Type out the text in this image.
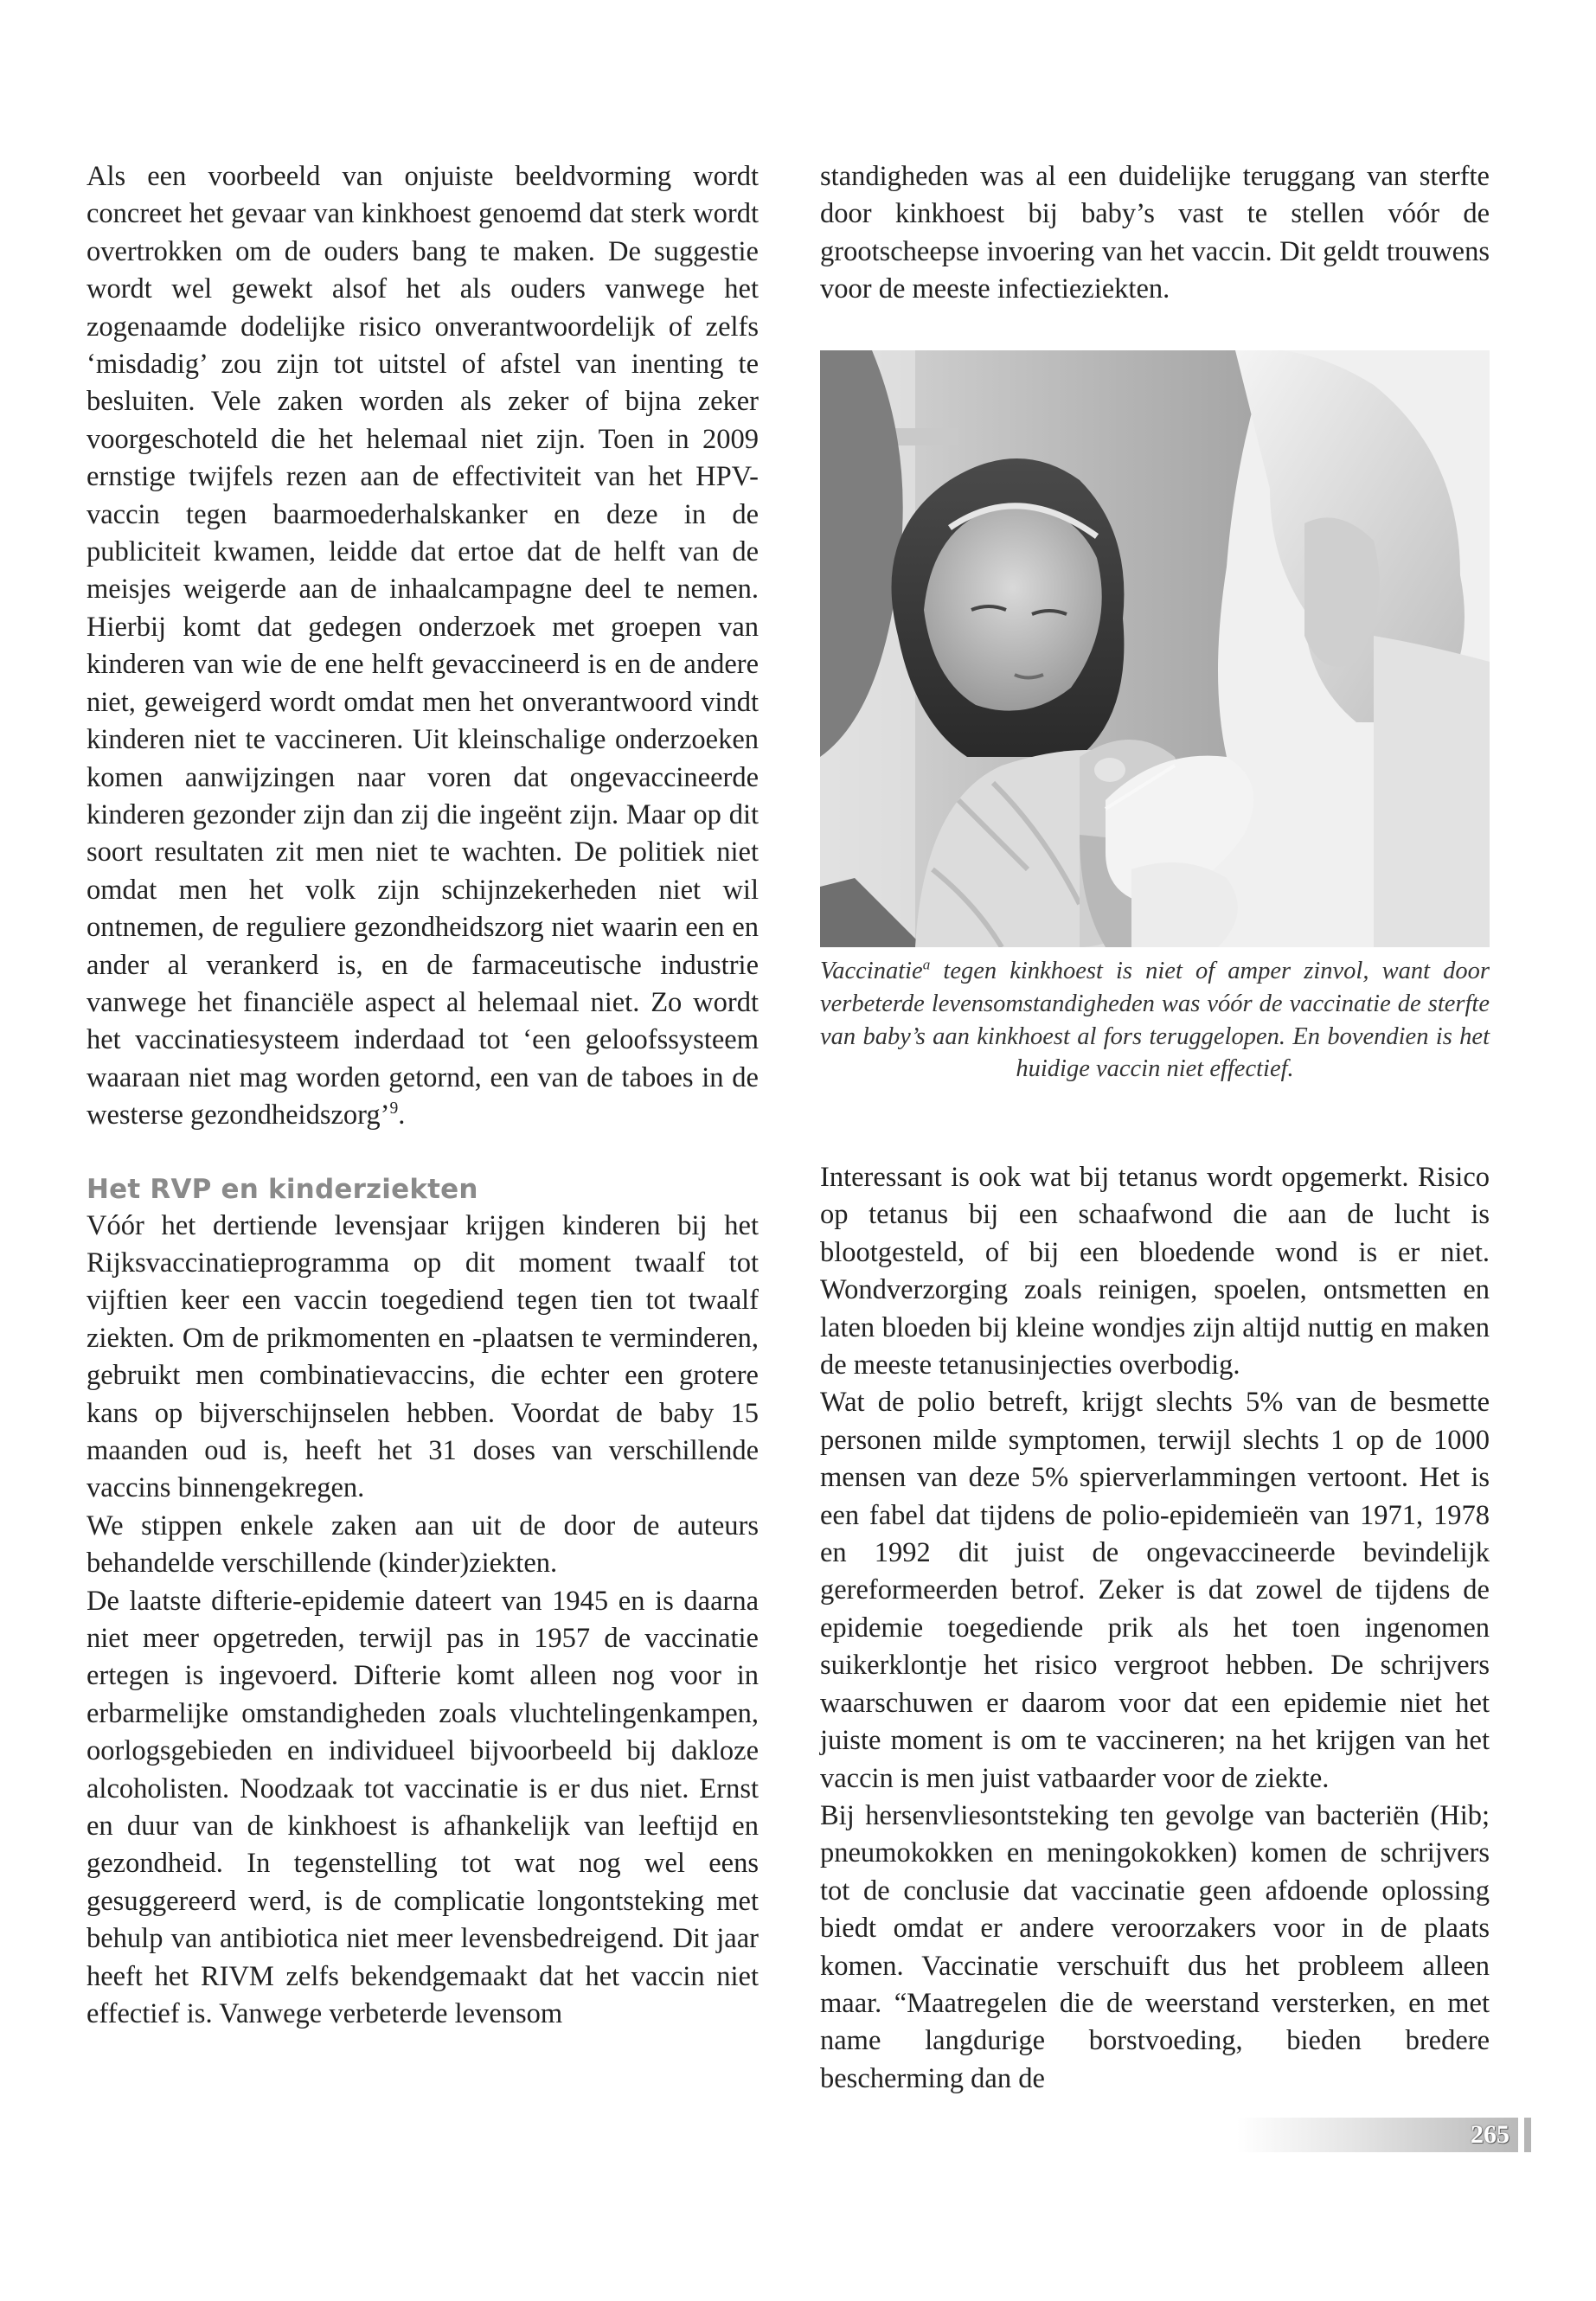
Als een voorbeeld van onjuiste beeldvorming wordt concreet het gevaar van kinkhoest genoemd dat sterk wordt overtrokken om de ouders bang te maken. De suggestie wordt wel gewekt alsof het als ouders vanwege het zogenaamde dodelijke risico onverantwoordelijk of zelfs ‘misdadig’ zou zijn tot uitstel of afstel van inenting te besluiten. Vele zaken worden als zeker of bijna zeker voorgeschoteld die het helemaal niet zijn. Toen in 2009 ernstige twijfels rezen aan de effectiviteit van het HPV-vaccin tegen baarmoederhalskanker en deze in de publiciteit kwamen, leidde dat ertoe dat de helft van de meisjes weigerde aan de inhaalcampagne deel te nemen. Hierbij komt dat gedegen onderzoek met groepen van kinderen van wie de ene helft gevaccineerd is en de andere niet, geweigerd wordt omdat men het onverantwoord vindt kinderen niet te vaccineren. Uit kleinschalige onderzoeken komen aanwijzingen naar voren dat ongevaccineerde kinderen gezonder zijn dan zij die ingeënt zijn. Maar op dit soort resultaten zit men niet te wachten. De politiek niet omdat men het volk zijn schijnzekerheden niet wil ontnemen, de reguliere gezondheidszorg niet waarin een en ander al verankerd is, en de farmaceutische industrie vanwege het financiële aspect al helemaal niet. Zo wordt het vaccinatiesysteem inderdaad tot ‘een geloofssysteem waaraan niet mag worden getornd, een van de taboes in de westerse gezondheidszorg’$^9$.

Het RVP en kinderziekten

Vóór het dertiende levensjaar krijgen kinderen bij het Rijksvaccinatieprogramma op dit moment twaalf tot vijftien keer een vaccin toegediend tegen tien tot twaalf ziekten. Om de prikmomenten en -plaatsen te verminderen, gebruikt men combinatievaccins, die echter een grotere kans op bijverschijnselen hebben. Voordat de baby 15 maanden oud is, heeft het 31 doses van verschillende vaccins binnengekregen.

We stippen enkele zaken aan uit de door de auteurs behandelde verschillende (kinder)ziekten.

De laatste difterie-epidemie dateert van 1945 en is daarna niet meer opgetreden, terwijl pas in 1957 de vaccinatie ertegen is ingevoerd. Difterie komt alleen nog voor in erbarmelijke omstandigheden zoals vluchtelingenkampen, oorlogsgebieden en individueel bijvoorbeeld bij dakloze alcoholisten. Noodzaak tot vaccinatie is er dus niet. Ernst en duur van de kinkhoest is afhankelijk van leeftijd en gezondheid. In tegenstelling tot wat nog wel eens gesuggereerd werd, is de complicatie longontsteking met behulp van antibiotica niet meer levensbedreigend. Dit jaar heeft het RIVM zelfs bekendgemaakt dat het vaccin niet effectief is. Vanwege verbeterde levensom

standigheden was al een duidelijke teruggang van sterfte door kinkhoest bij baby’s vast te stellen vóór de grootscheepse invoering van het vaccin. Dit geldt trouwens voor de meeste infectieziekten.

Vaccinatie$^a$ tegen kinkhoest is niet of amper zinvol, want door verbeterde levensomstandigheden was vóór de vaccinatie de sterfte van baby’s aan kinkhoest al fors teruggelopen. En bovendien is het huidige vaccin niet effectief.

Interessant is ook wat bij tetanus wordt opgemerkt. Risico op tetanus bij een schaafwond die aan de lucht is blootgesteld, of bij een bloedende wond is er niet. Wondverzorging zoals reinigen, spoelen, ontsmetten en laten bloeden bij kleine wondjes zijn altijd nuttig en maken de meeste tetanusinjecties overbodig.

Wat de polio betreft, krijgt slechts 5% van de besmette personen milde symptomen, terwijl slechts 1 op de 1000 mensen van deze 5% spierverlammingen vertoont. Het is een fabel dat tijdens de polio-epidemieën van 1971, 1978 en 1992 dit juist de ongevaccineerde bevindelijk gereformeerden betrof. Zeker is dat zowel de tijdens de epidemie toegediende prik als het toen ingenomen suikerklontje het risico vergroot hebben. De schrijvers waarschuwen er daarom voor dat een epidemie niet het juiste moment is om te vaccineren; na het krijgen van het vaccin is men juist vatbaarder voor de ziekte.

Bij hersenvliesontsteking ten gevolge van bacteriën (Hib; pneumokokken en meningokokken) komen de schrijvers tot de conclusie dat vaccinatie geen afdoende oplossing biedt omdat er andere veroorzakers voor in de plaats komen. Vaccinatie verschuift dus het probleem alleen maar. “Maatregelen die de weerstand versterken, en met name langdurige borstvoeding, bieden bredere bescherming dan de

265
